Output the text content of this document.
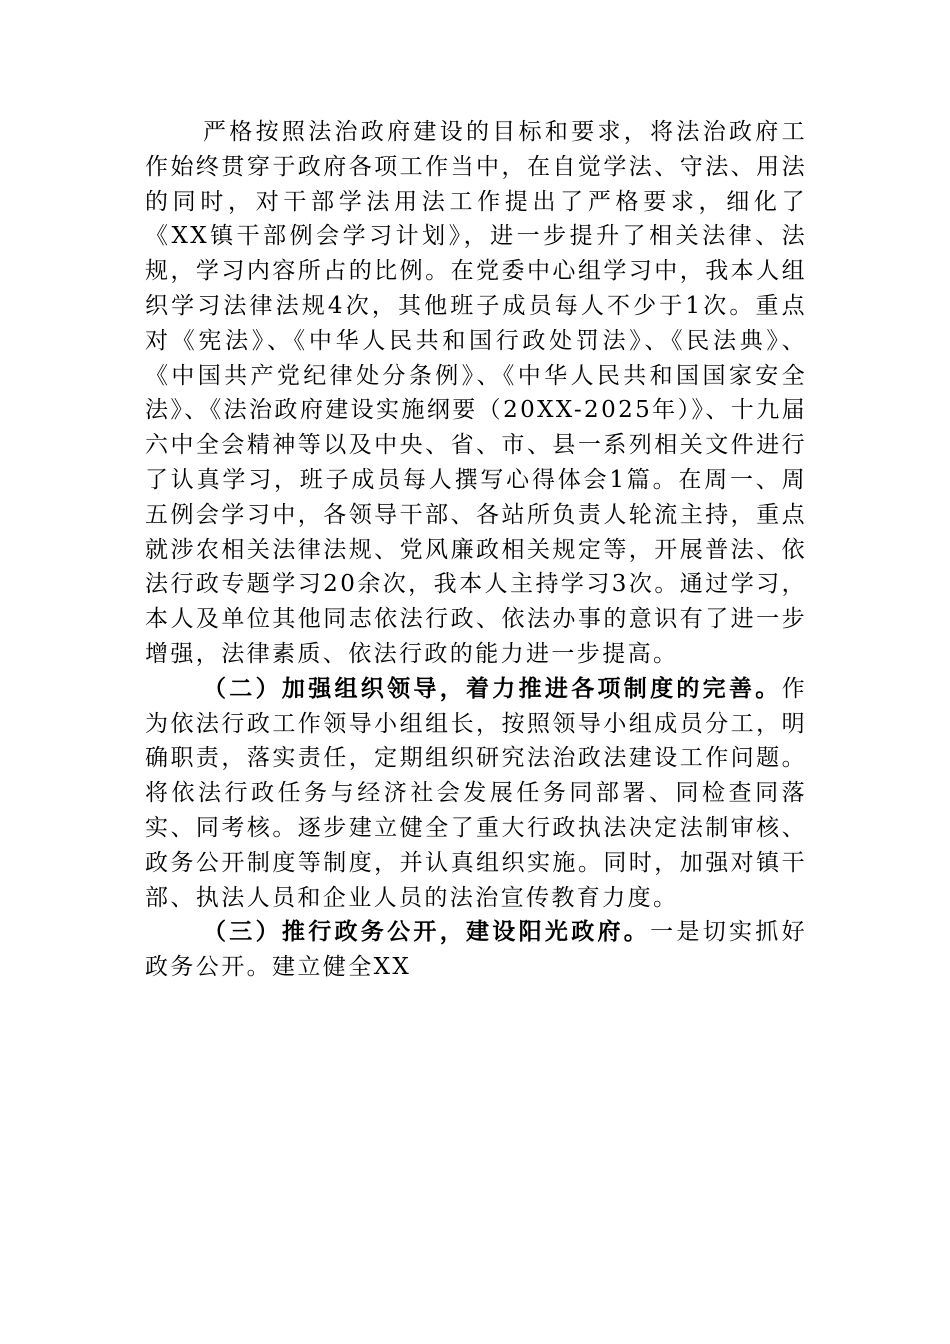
严格按照法治政府建设的目标和要求，将法治政府工作始终贯穿于政府各项工作当中，在自觉学法、守法、用法的同时，对干部学法用法工作提出了严格要求，细化了《XX镇干部例会学习计划》，进一步提升了相关法律、法规，学习内容所占的比例。在党委中心组学习中，我本人组织学习法律法规4次，其他班子成员每人不少于1次。重点对《宪法》、《中华人民共和国行政处罚法》、《民法典》、《中国共产党纪律处分条例》、《中华人民共和国国家安全法》、《法治政府建设实施纲要（20XX-2025年）》、十九届六中全会精神等以及中央、省、市、县一系列相关文件进行了认真学习，班子成员每人撰写心得体会1篇。在周一、周五例会学习中，各领导干部、各站所负责人轮流主持，重点就涉农相关法律法规、党风廉政相关规定等，开展普法、依法行政专题学习20余次，我本人主持学习3次。通过学习，本人及单位其他同志依法行政、依法办事的意识有了进一步增强，法律素质、依法行政的能力进一步提高。

（二）加强组织领导，着力推进各项制度的完善。作为依法行政工作领导小组组长，按照领导小组成员分工，明确职责，落实责任，定期组织研究法治政法建设工作问题。将依法行政任务与经济社会发展任务同部署、同检查同落实、同考核。逐步建立健全了重大行政执法决定法制审核、政务公开制度等制度，并认真组织实施。同时，加强对镇干部、执法人员和企业人员的法治宣传教育力度。

（三）推行政务公开，建设阳光政府。一是切实抓好政务公开。建立健全XX
